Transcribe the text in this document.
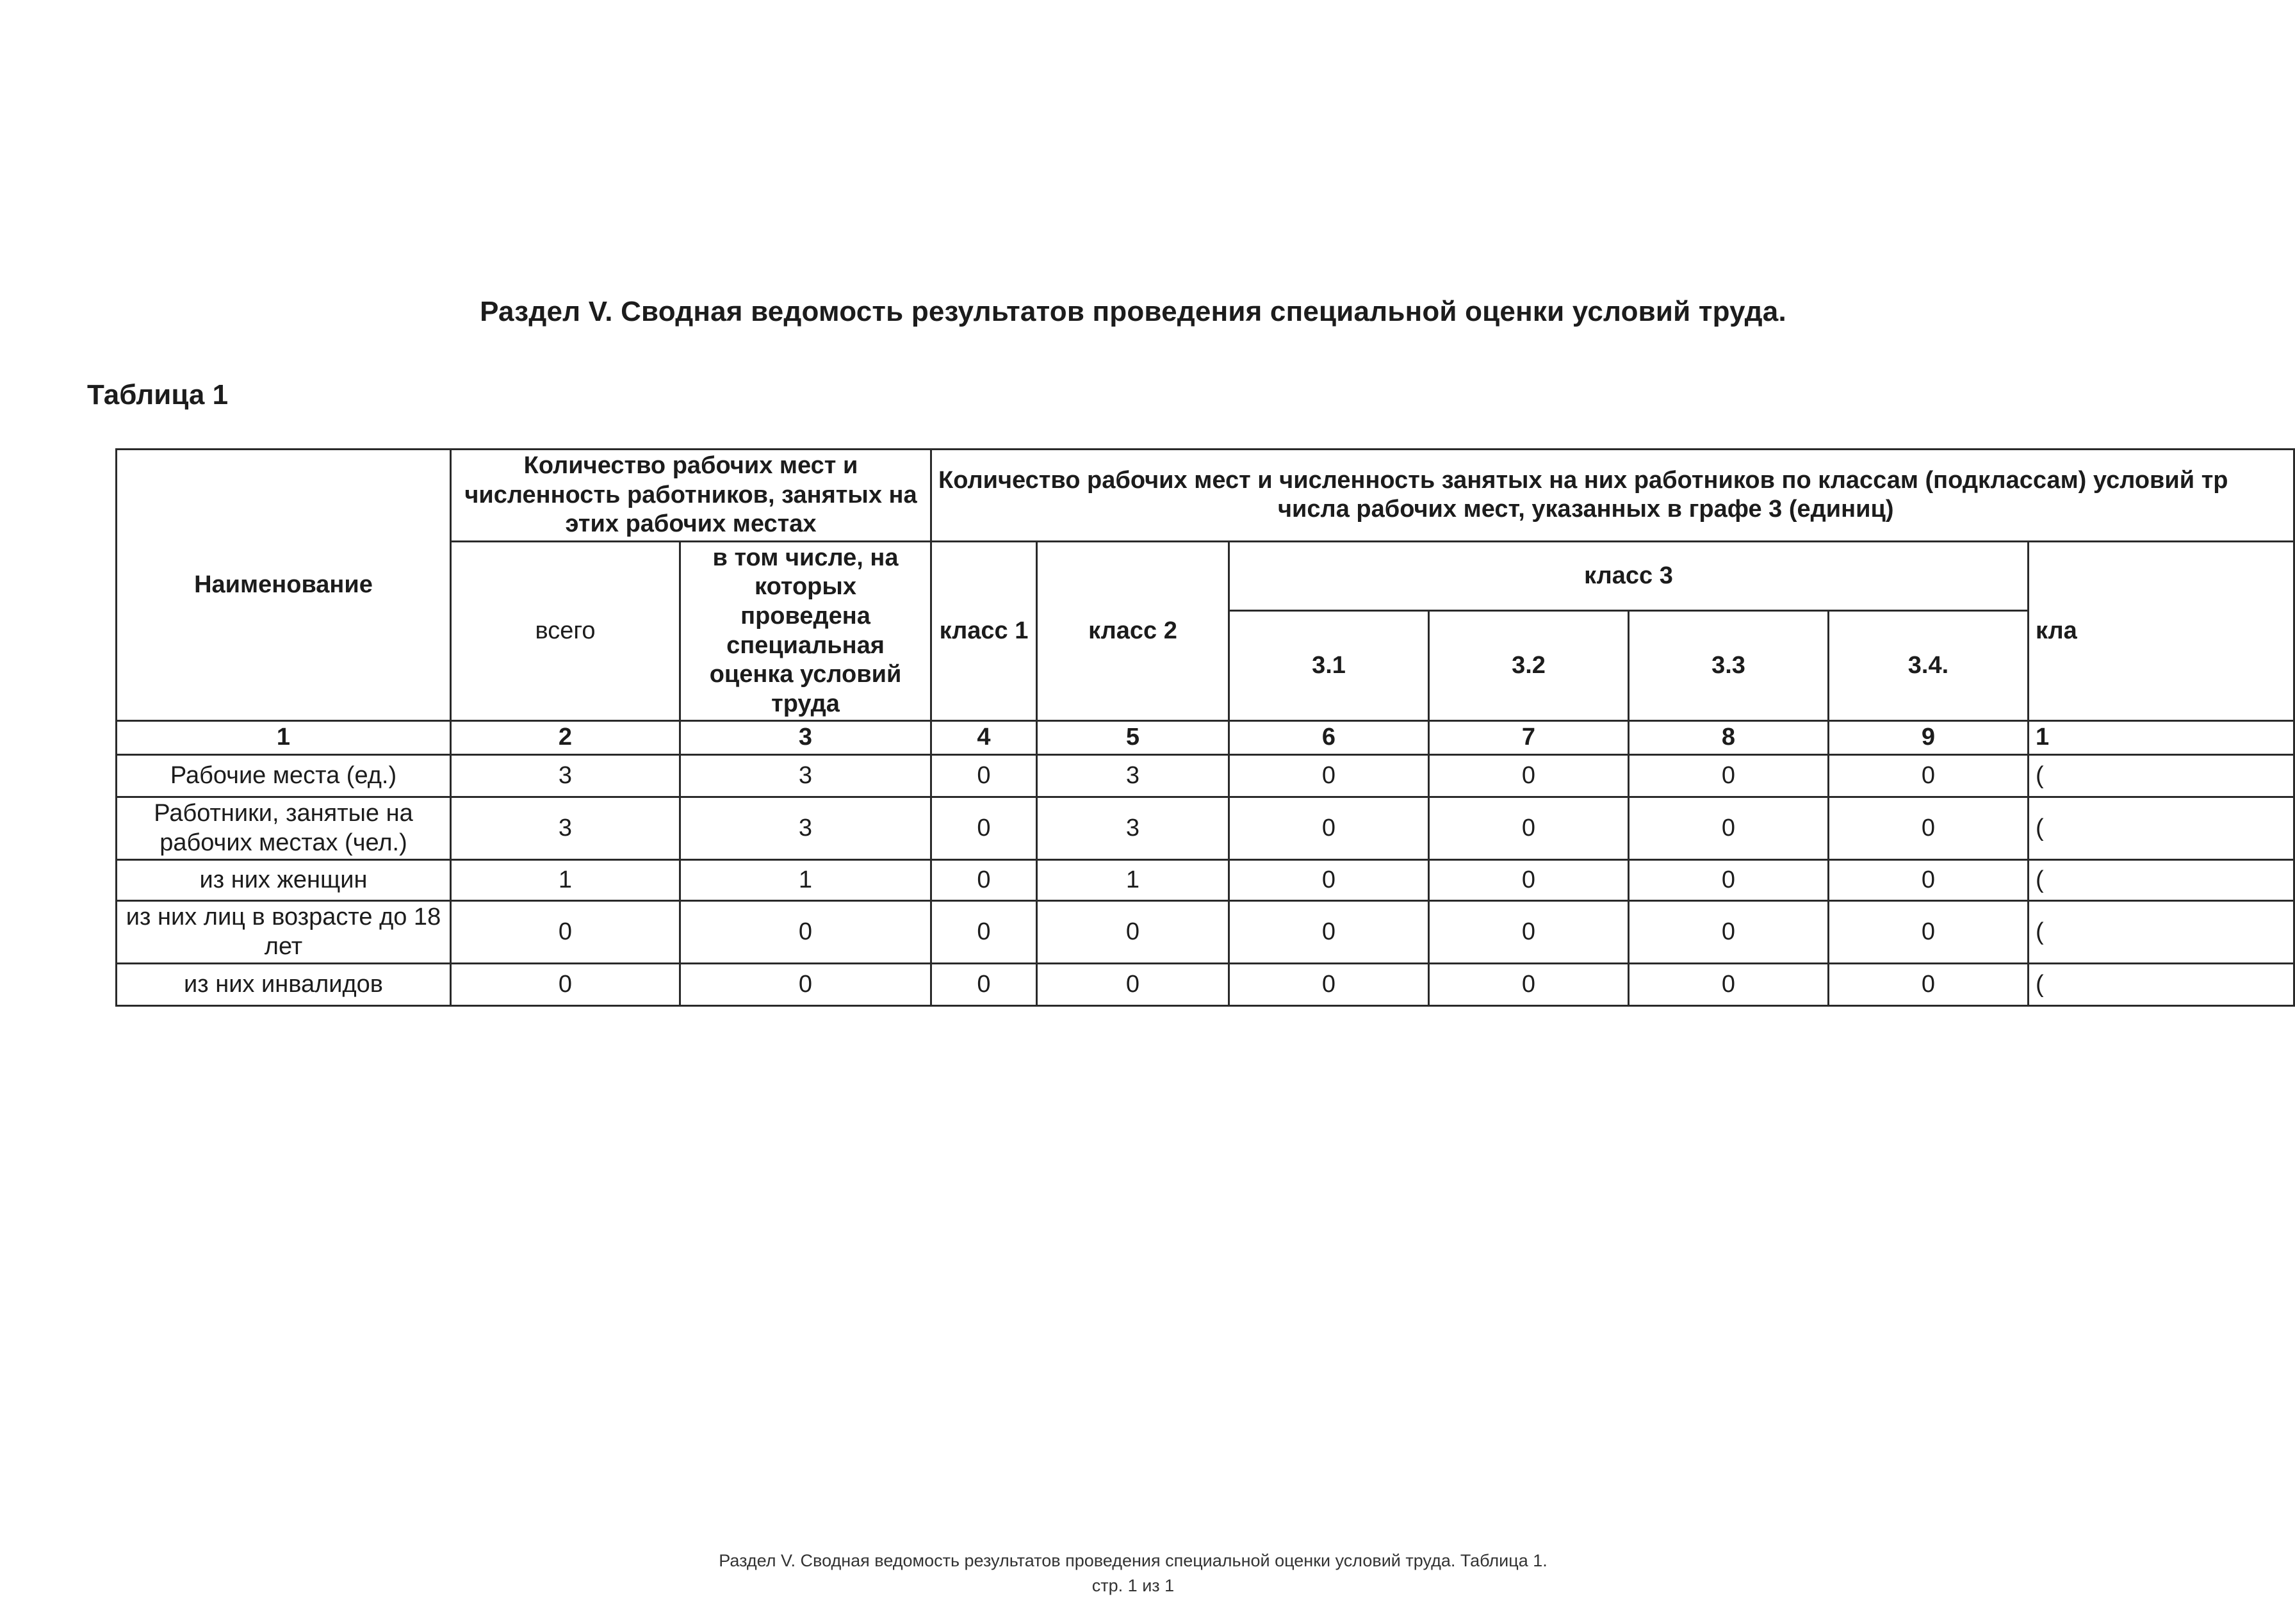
Раздел V. Сводная ведомость результатов проведения специальной оценки условий труда.
Таблица 1
Наименование	Количество рабочих мест и численность работников, занятых на этих рабочих местах		Количество рабочих мест и численность занятых на них работников по классам (подклассам) условий тр
числа рабочих мест, указанных в графе 3 (единиц)						

	всего	в том числе, на которых проведена специальная оценка условий труда	класс 1	класс 2	класс 3				кла
					3.1	3.2	3.3	3.4.	
1	2	3	4	5	6	7	8	9	1
Рабочие места (ед.)	3	3	0	3	0	0	0	0	(
Работники, занятые на рабочих местах (чел.)	3	3	0	3	0	0	0	0	(
из них женщин	1	1	0	1	0	0	0	0	(
из них лиц в возрасте до 18 лет	0	0	0	0	0	0	0	0	(
из них инвалидов	0	0	0	0	0	0	0	0	(
Раздел V. Сводная ведомость результатов проведения специальной оценки условий труда. Таблица 1.
стр. 1 из 1
